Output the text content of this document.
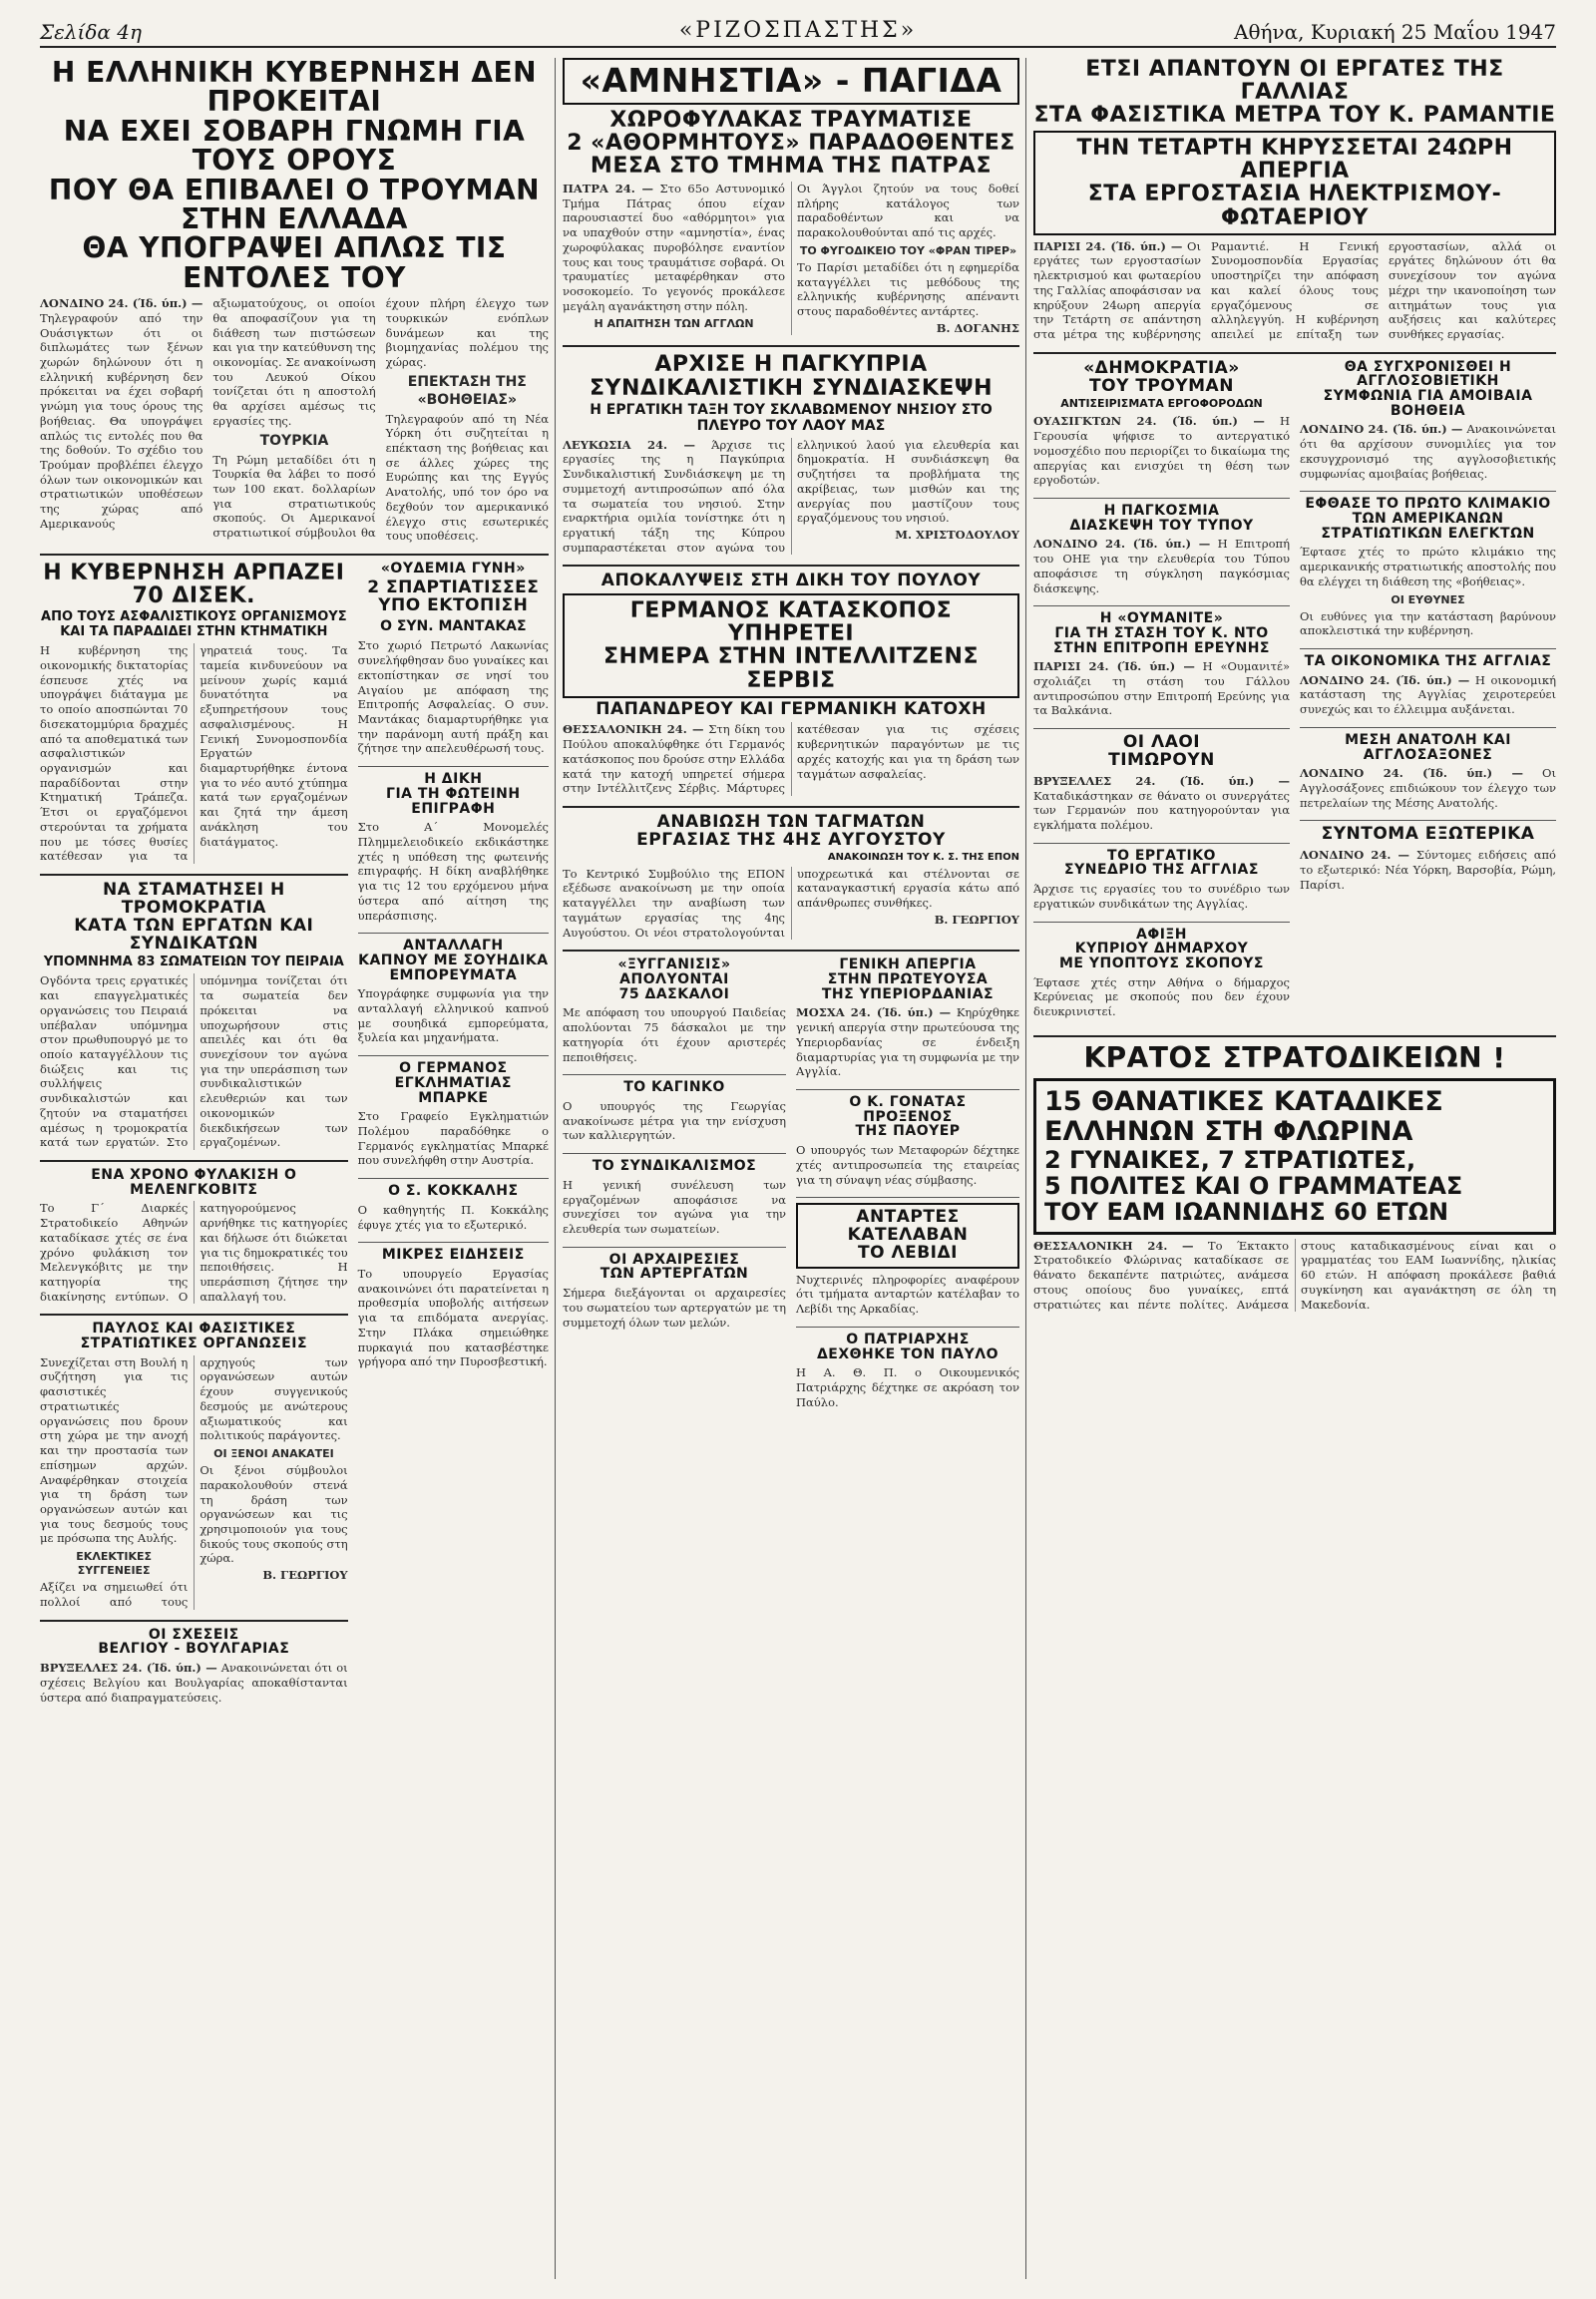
Σελίδα 4η	«ΡΙΖΟΣΠΑΣΤΗΣ»	Αθήνα, Κυριακή 25 Μαΐου 1947
Η ΕΛΛΗΝΙΚΗ ΚΥΒΕΡΝΗΣΗ ΔΕΝ ΠΡΟΚΕΙΤΑΙ
ΝΑ ΕΧΕΙ ΣΟΒΑΡΗ ΓΝΩΜΗ ΓΙΑ ΤΟΥΣ ΟΡΟΥΣ
ΠΟΥ ΘΑ ΕΠΙΒΑΛΕΙ Ο ΤΡΟΥΜΑΝ ΣΤΗΝ ΕΛΛΑΔΑ
ΘΑ ΥΠΟΓΡΑΨΕΙ ΑΠΛΩΣ ΤΙΣ ΕΝΤΟΛΕΣ ΤΟΥ
ΛΟΝΔΙΝΟ 24. (Ίδ. ύπ.) — Τηλεγραφούν από την Ουάσιγκτων ότι οι διπλωμάτες των ξένων χωρών δηλώνουν ότι η ελληνική κυβέρνηση δεν πρόκειται να έχει σοβαρή γνώμη για τους όρους της βοήθειας. Θα υπογράψει απλώς τις εντολές που θα της δοθούν. Το σχέδιο του Τρούμαν προβλέπει έλεγχο όλων των οικονομικών και στρατιωτικών υποθέσεων της χώρας από Αμερικανούς αξιωματούχους, οι οποίοι θα αποφασίζουν για τη διάθεση των πιστώσεων και για την κατεύθυνση της οικονομίας. Σε ανακοίνωση του Λευκού Οίκου τονίζεται ότι η αποστολή θα αρχίσει αμέσως τις εργασίες της.
ΤΟΥΡΚΙΑ
Τη Ρώμη μεταδίδει ότι η Τουρκία θα λάβει το ποσό των 100 εκατ. δολλαρίων για στρατιωτικούς σκοπούς. Οι Αμερικανοί στρατιωτικοί σύμβουλοι θα έχουν πλήρη έλεγχο των τουρκικών ενόπλων δυνάμεων και της βιομηχανίας πολέμου της χώρας.
ΕΠΕΚΤΑΣΗ ΤΗΣ «ΒΟΗΘΕΙΑΣ»
Τηλεγραφούν από τη Νέα Υόρκη ότι συζητείται η επέκταση της βοήθειας και σε άλλες χώρες της Ευρώπης και της Εγγύς Ανατολής, υπό τον όρο να δεχθούν τον αμερικανικό έλεγχο στις εσωτερικές τους υποθέσεις.
Η ΚΥΒΕΡΝΗΣΗ ΑΡΠΑΖΕΙ 70 ΔΙΣΕΚ.
ΑΠΟ ΤΟΥΣ ΑΣΦΑΛΙΣΤΙΚΟΥΣ ΟΡΓΑΝΙΣΜΟΥΣ ΚΑΙ ΤΑ ΠΑΡΑΔΙΔΕΙ ΣΤΗΝ ΚΤΗΜΑΤΙΚΗ
Η κυβέρνηση της οικονομικής δικτατορίας έσπευσε χτές να υπογράψει διάταγμα με το οποίο αποσπώνται 70 δισεκατομμύρια δραχμές από τα αποθεματικά των ασφαλιστικών οργανισμών και παραδίδονται στην Κτηματική Τράπεζα. Έτσι οι εργαζόμενοι στερούνται τα χρήματα που με τόσες θυσίες κατέθεσαν για τα γηρατειά τους. Τα ταμεία κινδυνεύουν να μείνουν χωρίς καμιά δυνατότητα να εξυπηρετήσουν τους ασφαλισμένους. Η Γενική Συνομοσπονδία Εργατών διαμαρτυρήθηκε έντονα για το νέο αυτό χτύπημα κατά των εργαζομένων και ζητά την άμεση ανάκληση του διατάγματος.
ΝΑ ΣΤΑΜΑΤΗΣΕΙ Η ΤΡΟΜΟΚΡΑΤΙΑ
ΚΑΤΑ ΤΩΝ ΕΡΓΑΤΩΝ ΚΑΙ ΣΥΝΔΙΚΑΤΩΝ
ΥΠΟΜΝΗΜΑ 83 ΣΩΜΑΤΕΙΩΝ ΤΟΥ ΠΕΙΡΑΙΑ
Ογδόντα τρεις εργατικές και επαγγελματικές οργανώσεις του Πειραιά υπέβαλαν υπόμνημα στον πρωθυπουργό με το οποίο καταγγέλλουν τις διώξεις και τις συλλήψεις συνδικαλιστών και ζητούν να σταματήσει αμέσως η τρομοκρατία κατά των εργατών. Στο υπόμνημα τονίζεται ότι τα σωματεία δεν πρόκειται να υποχωρήσουν στις απειλές και ότι θα συνεχίσουν τον αγώνα για την υπεράσπιση των συνδικαλιστικών ελευθεριών και των οικονομικών διεκδικήσεων των εργαζομένων.
ΕΝΑ ΧΡΟΝΟ ΦΥΛΑΚΙΣΗ Ο ΜΕΛΕΝΓΚΟΒΙΤΣ
Το Γ΄ Διαρκές Στρατοδικείο Αθηνών καταδίκασε χτές σε ένα χρόνο φυλάκιση τον Μελενγκόβιτς με την κατηγορία της διακίνησης εντύπων. Ο κατηγορούμενος αρνήθηκε τις κατηγορίες και δήλωσε ότι διώκεται για τις δημοκρατικές του πεποιθήσεις. Η υπεράσπιση ζήτησε την απαλλαγή του.
ΠΑΥΛΟΣ ΚΑΙ ΦΑΣΙΣΤΙΚΕΣ ΣΤΡΑΤΙΩΤΙΚΕΣ ΟΡΓΑΝΩΣΕΙΣ
Συνεχίζεται στη Βουλή η συζήτηση για τις φασιστικές στρατιωτικές οργανώσεις που δρουν στη χώρα με την ανοχή και την προστασία των επίσημων αρχών. Αναφέρθηκαν στοιχεία για τη δράση των οργανώσεων αυτών και για τους δεσμούς τους με πρόσωπα της Αυλής.
ΕΚΛΕΚΤΙΚΕΣ ΣΥΓΓΕΝΕΙΕΣ
Αξίζει να σημειωθεί ότι πολλοί από τους αρχηγούς των οργανώσεων αυτών έχουν συγγενικούς δεσμούς με ανώτερους αξιωματικούς και πολιτικούς παράγοντες.
ΟΙ ΞΕΝΟΙ ΑΝΑΚΑΤΕΙ
Οι ξένοι σύμβουλοι παρακολουθούν στενά τη δράση των οργανώσεων και τις χρησιμοποιούν για τους δικούς τους σκοπούς στη χώρα.
Β. ΓΕΩΡΓΙΟΥ
ΟΙ ΣΧΕΣΕΙΣ
ΒΕΛΓΙΟΥ - ΒΟΥΛΓΑΡΙΑΣ
ΒΡΥΞΕΛΛΕΣ 24. (Ίδ. ύπ.) — Ανακοινώνεται ότι οι σχέσεις Βελγίου και Βουλγαρίας αποκαθίστανται ύστερα από διαπραγματεύσεις.
«ΟΥΔΕΜΙΑ ΓΥΝΗ»
2 ΣΠΑΡΤΙΑΤΙΣΣΕΣ
ΥΠΟ ΕΚΤΟΠΙΣΗ
Ο ΣΥΝ. ΜΑΝΤΑΚΑΣ
Στο χωριό Πετρωτό Λακωνίας συνελήφθησαν δυο γυναίκες και εκτοπίστηκαν σε νησί του Αιγαίου με απόφαση της Επιτροπής Ασφαλείας. Ο συν. Μαντάκας διαμαρτυρήθηκε για την παράνομη αυτή πράξη και ζήτησε την απελευθέρωσή τους.
Η ΔΙΚΗ
ΓΙΑ ΤΗ ΦΩΤΕΙΝΗ
ΕΠΙΓΡΑΦΗ
Στο Α΄ Μονομελές Πλημμελειοδικείο εκδικάστηκε χτές η υπόθεση της φωτεινής επιγραφής. Η δίκη αναβλήθηκε για τις 12 του ερχόμενου μήνα ύστερα από αίτηση της υπεράσπισης.
ΑΝΤΑΛΛΑΓΗ
ΚΑΠΝΟΥ ΜΕ ΣΟΥΗΔΙΚΑ
ΕΜΠΟΡΕΥΜΑΤΑ
Υπογράφηκε συμφωνία για την ανταλλαγή ελληνικού καπνού με σουηδικά εμπορεύματα, ξυλεία και μηχανήματα.
Ο ΓΕΡΜΑΝΟΣ
ΕΓΚΛΗΜΑΤΙΑΣ ΜΠΑΡΚΕ
Στο Γραφείο Εγκληματιών Πολέμου παραδόθηκε ο Γερμανός εγκληματίας Μπαρκέ που συνελήφθη στην Αυστρία.
Ο Σ. ΚΟΚΚΑΛΗΣ
Ο καθηγητής Π. Κοκκάλης έφυγε χτές για το εξωτερικό.
ΜΙΚΡΕΣ ΕΙΔΗΣΕΙΣ
Το υπουργείο Εργασίας ανακοινώνει ότι παρατείνεται η προθεσμία υποβολής αιτήσεων για τα επιδόματα ανεργίας. Στην Πλάκα σημειώθηκε πυρκαγιά που κατασβέστηκε γρήγορα από την Πυροσβεστική.
«ΑΜΝΗΣΤΙΑ» - ΠΑΓΙΔΑ
ΧΩΡΟΦΥΛΑΚΑΣ ΤΡΑΥΜΑΤΙΣΕ
2 «ΑΘΟΡΜΗΤΟΥΣ» ΠΑΡΑΔΟΘΕΝΤΕΣ
ΜΕΣΑ ΣΤΟ ΤΜΗΜΑ ΤΗΣ ΠΑΤΡΑΣ
ΠΑΤΡΑ 24. — Στο 65ο Αστυνομικό Τμήμα Πάτρας όπου είχαν παρουσιαστεί δυο «αθόρμητοι» για να υπαχθούν στην «αμνηστία», ένας χωροφύλακας πυροβόλησε εναντίον τους και τους τραυμάτισε σοβαρά. Οι τραυματίες μεταφέρθηκαν στο νοσοκομείο. Το γεγονός προκάλεσε μεγάλη αγανάκτηση στην πόλη.
Η ΑΠΑΙΤΗΣΗ ΤΩΝ ΑΓΓΛΩΝ
Οι Άγγλοι ζητούν να τους δοθεί πλήρης κατάλογος των παραδοθέντων και να παρακολουθούνται από τις αρχές.
ΤΟ ΦΥΓΟΔΙΚΕΙΟ ΤΟΥ «ΦΡΑΝ ΤΙΡΕΡ»
Το Παρίσι μεταδίδει ότι η εφημερίδα καταγγέλλει τις μεθόδους της ελληνικής κυβέρνησης απέναντι στους παραδοθέντες αντάρτες.
Β. ΔΟΓΑΝΗΣ
ΑΡΧΙΣΕ Η ΠΑΓΚΥΠΡΙΑ
ΣΥΝΔΙΚΑΛΙΣΤΙΚΗ ΣΥΝΔΙΑΣΚΕΨΗ
Η ΕΡΓΑΤΙΚΗ ΤΑΞΗ ΤΟΥ ΣΚΛΑΒΩΜΕΝΟΥ ΝΗΣΙΟΥ ΣΤΟ ΠΛΕΥΡΟ ΤΟΥ ΛΑΟΥ ΜΑΣ
ΛΕΥΚΩΣΙΑ 24. — Άρχισε τις εργασίες της η Παγκύπρια Συνδικαλιστική Συνδιάσκεψη με τη συμμετοχή αντιπροσώπων από όλα τα σωματεία του νησιού. Στην εναρκτήρια ομιλία τονίστηκε ότι η εργατική τάξη της Κύπρου συμπαραστέκεται στον αγώνα του ελληνικού λαού για ελευθερία και δημοκρατία. Η συνδιάσκεψη θα συζητήσει τα προβλήματα της ακρίβειας, των μισθών και της ανεργίας που μαστίζουν τους εργαζόμενους του νησιού.
Μ. ΧΡΙΣΤΟΔΟΥΛΟΥ
ΑΠΟΚΑΛΥΨΕΙΣ ΣΤΗ ΔΙΚΗ ΤΟΥ ΠΟΥΛΟΥ
ΓΕΡΜΑΝΟΣ ΚΑΤΑΣΚΟΠΟΣ ΥΠΗΡΕΤΕΙ
ΣΗΜΕΡΑ ΣΤΗΝ ΙΝΤΕΛΛΙΤΖΕΝΣ ΣΕΡΒΙΣ
ΠΑΠΑΝΔΡΕΟΥ ΚΑΙ ΓΕΡΜΑΝΙΚΗ ΚΑΤΟΧΗ
ΘΕΣΣΑΛΟΝΙΚΗ 24. — Στη δίκη του Πούλου αποκαλύφθηκε ότι Γερμανός κατάσκοπος που δρούσε στην Ελλάδα κατά την κατοχή υπηρετεί σήμερα στην Ιντέλλιτζενς Σέρβις. Μάρτυρες κατέθεσαν για τις σχέσεις κυβερνητικών παραγόντων με τις αρχές κατοχής και για τη δράση των ταγμάτων ασφαλείας.
ΑΝΑΒΙΩΣΗ ΤΩΝ ΤΑΓΜΑΤΩΝ
ΕΡΓΑΣΙΑΣ ΤΗΣ 4ΗΣ ΑΥΓΟΥΣΤΟΥ
ΑΝΑΚΟΙΝΩΣΗ ΤΟΥ Κ. Σ. ΤΗΣ ΕΠΟΝ
Το Κεντρικό Συμβούλιο της ΕΠΟΝ εξέδωσε ανακοίνωση με την οποία καταγγέλλει την αναβίωση των ταγμάτων εργασίας της 4ης Αυγούστου. Οι νέοι στρατολογούνται υποχρεωτικά και στέλνονται σε καταναγκαστική εργασία κάτω από απάνθρωπες συνθήκες.
Β. ΓΕΩΡΓΙΟΥ
«ΞΥΓΓΑΝΙΣΙΣ»
ΑΠΟΛΥΟΝΤΑΙ
75 ΔΑΣΚΑΛΟΙ
Με απόφαση του υπουργού Παιδείας απολύονται 75 δάσκαλοι με την κατηγορία ότι έχουν αριστερές πεποιθήσεις.
ΤΟ ΚΑΓΙΝΚΟ
Ο υπουργός της Γεωργίας ανακοίνωσε μέτρα για την ενίσχυση των καλλιεργητών.
ΤΟ ΣΥΝΔΙΚΑΛΙΣΜΟΣ
Η γενική συνέλευση των εργαζομένων αποφάσισε να συνεχίσει τον αγώνα για την ελευθερία των σωματείων.
ΟΙ ΑΡΧΑΙΡΕΣΙΕΣ
ΤΩΝ ΑΡΤΕΡΓΑΤΩΝ
Σήμερα διεξάγονται οι αρχαιρεσίες του σωματείου των αρτεργατών με τη συμμετοχή όλων των μελών.
ΓΕΝΙΚΗ ΑΠΕΡΓΙΑ
ΣΤΗΝ ΠΡΩΤΕΥΟΥΣΑ
ΤΗΣ ΥΠΕΡΙΟΡΔΑΝΙΑΣ
ΜΟΣΧΑ 24. (Ίδ. ύπ.) — Κηρύχθηκε γενική απεργία στην πρωτεύουσα της Υπεριορδανίας σε ένδειξη διαμαρτυρίας για τη συμφωνία με την Αγγλία.
Ο Κ. ΓΟΝΑΤΑΣ
ΠΡΟΞΕΝΟΣ
ΤΗΣ ΠΑΟΥΕΡ
Ο υπουργός των Μεταφορών δέχτηκε χτές αντιπροσωπεία της εταιρείας για τη σύναψη νέας σύμβασης.
ΑΝΤΑΡΤΕΣ
ΚΑΤΕΛΑΒΑΝ
ΤΟ ΛΕΒΙΔΙ
Νυχτερινές πληροφορίες αναφέρουν ότι τμήματα ανταρτών κατέλαβαν το Λεβίδι της Αρκαδίας.
Ο ΠΑΤΡΙΑΡΧΗΣ
ΔΕΧΘΗΚΕ ΤΟΝ ΠΑΥΛΟ
Η Α. Θ. Π. ο Οικουμενικός Πατριάρχης δέχτηκε σε ακρόαση τον Παύλο.
ΕΤΣΙ ΑΠΑΝΤΟΥΝ ΟΙ ΕΡΓΑΤΕΣ ΤΗΣ ΓΑΛΛΙΑΣ
ΣΤΑ ΦΑΣΙΣΤΙΚΑ ΜΕΤΡΑ ΤΟΥ Κ. ΡΑΜΑΝΤΙΕ
ΤΗΝ ΤΕΤΑΡΤΗ ΚΗΡΥΣΣΕΤΑΙ 24ΩΡΗ ΑΠΕΡΓΙΑ
ΣΤΑ ΕΡΓΟΣΤΑΣΙΑ ΗΛΕΚΤΡΙΣΜΟΥ-ΦΩΤΑΕΡΙΟΥ
ΠΑΡΙΣΙ 24. (Ίδ. ύπ.) — Οι εργάτες των εργοστασίων ηλεκτρισμού και φωταερίου της Γαλλίας αποφάσισαν να κηρύξουν 24ωρη απεργία την Τετάρτη σε απάντηση στα μέτρα της κυβέρνησης Ραμαντιέ. Η Γενική Συνομοσπονδία Εργασίας υποστηρίζει την απόφαση και καλεί όλους τους εργαζόμενους σε αλληλεγγύη. Η κυβέρνηση απειλεί με επίταξη των εργοστασίων, αλλά οι εργάτες δηλώνουν ότι θα συνεχίσουν τον αγώνα μέχρι την ικανοποίηση των αιτημάτων τους για αυξήσεις και καλύτερες συνθήκες εργασίας.
«ΔΗΜΟΚΡΑΤΙΑ»
ΤΟΥ ΤΡΟΥΜΑΝ
ΑΝΤΙΣΕΙΡΙΣΜΑΤΑ ΕΡΓΟΦΟΡΟΔΩΝ
ΟΥΑΣΙΓΚΤΩΝ 24. (Ίδ. ύπ.) — Η Γερουσία ψήφισε το αντεργατικό νομοσχέδιο που περιορίζει το δικαίωμα της απεργίας και ενισχύει τη θέση των εργοδοτών.
Η ΠΑΓΚΟΣΜΙΑ
ΔΙΑΣΚΕΨΗ ΤΟΥ ΤΥΠΟΥ
ΛΟΝΔΙΝΟ 24. (Ίδ. ύπ.) — Η Επιτροπή του ΟΗΕ για την ελευθερία του Τύπου αποφάσισε τη σύγκληση παγκόσμιας διάσκεψης.
Η «ΟΥΜΑΝΙΤΕ»
ΓΙΑ ΤΗ ΣΤΑΣΗ ΤΟΥ Κ. ΝΤΟ
ΣΤΗΝ ΕΠΙΤΡΟΠΗ ΕΡΕΥΝΗΣ
ΠΑΡΙΣΙ 24. (Ίδ. ύπ.) — Η «Ουμανιτέ» σχολιάζει τη στάση του Γάλλου αντιπροσώπου στην Επιτροπή Ερεύνης για τα Βαλκάνια.
ΟΙ ΛΑΟΙ
ΤΙΜΩΡΟΥΝ
ΒΡΥΞΕΛΛΕΣ 24. (Ίδ. ύπ.) — Καταδικάστηκαν σε θάνατο οι συνεργάτες των Γερμανών που κατηγορούνταν για εγκλήματα πολέμου.
ΤΟ ΕΡΓΑΤΙΚΟ
ΣΥΝΕΔΡΙΟ ΤΗΣ ΑΓΓΛΙΑΣ
Άρχισε τις εργασίες του το συνέδριο των εργατικών συνδικάτων της Αγγλίας.
ΑΦΙΞΗ
ΚΥΠΡΙΟΥ ΔΗΜΑΡΧΟΥ
ΜΕ ΥΠΟΠΤΟΥΣ ΣΚΟΠΟΥΣ
Έφτασε χτές στην Αθήνα ο δήμαρχος Κερύνειας με σκοπούς που δεν έχουν διευκρινιστεί.
ΘΑ ΣΥΓΧΡΟΝΙΣΘΕΙ Η ΑΓΓΛΟΣΟΒΙΕΤΙΚΗ
ΣΥΜΦΩΝΙΑ ΓΙΑ ΑΜΟΙΒΑΙΑ ΒΟΗΘΕΙΑ
ΛΟΝΔΙΝΟ 24. (Ίδ. ύπ.) — Ανακοινώνεται ότι θα αρχίσουν συνομιλίες για τον εκσυγχρονισμό της αγγλοσοβιετικής συμφωνίας αμοιβαίας βοήθειας.
ΕΦΘΑΣΕ ΤΟ ΠΡΩΤΟ ΚΛΙΜΑΚΙΟ
ΤΩΝ ΑΜΕΡΙΚΑΝΩΝ ΣΤΡΑΤΙΩΤΙΚΩΝ ΕΛΕΓΚΤΩΝ
Έφτασε χτές το πρώτο κλιμάκιο της αμερικανικής στρατιωτικής αποστολής που θα ελέγχει τη διάθεση της «βοήθειας».
ΟΙ ΕΥΘΥΝΕΣ
Οι ευθύνες για την κατάσταση βαρύνουν αποκλειστικά την κυβέρνηση.
ΤΑ ΟΙΚΟΝΟΜΙΚΑ ΤΗΣ ΑΓΓΛΙΑΣ
ΛΟΝΔΙΝΟ 24. (Ίδ. ύπ.) — Η οικονομική κατάσταση της Αγγλίας χειροτερεύει συνεχώς και το έλλειμμα αυξάνεται.
ΜΕΣΗ ΑΝΑΤΟΛΗ ΚΑΙ ΑΓΓΛΟΣΑΞΟΝΕΣ
ΛΟΝΔΙΝΟ 24. (Ίδ. ύπ.) — Οι Αγγλοσάξονες επιδιώκουν τον έλεγχο των πετρελαίων της Μέσης Ανατολής.
ΣΥΝΤΟΜΑ ΕΞΩΤΕΡΙΚΑ
ΛΟΝΔΙΝΟ 24. — Σύντομες ειδήσεις από το εξωτερικό: Νέα Υόρκη, Βαρσοβία, Ρώμη, Παρίσι.
ΚΡΑΤΟΣ ΣΤΡΑΤΟΔΙΚΕΙΩΝ !
15 ΘΑΝΑΤΙΚΕΣ ΚΑΤΑΔΙΚΕΣ
ΕΛΛΗΝΩΝ ΣΤΗ ΦΛΩΡΙΝΑ
2 ΓΥΝΑΙΚΕΣ, 7 ΣΤΡΑΤΙΩΤΕΣ,
5 ΠΟΛΙΤΕΣ ΚΑΙ Ο ΓΡΑΜΜΑΤΕΑΣ
ΤΟΥ ΕΑΜ ΙΩΑΝΝΙΔΗΣ 60 ΕΤΩΝ
ΘΕΣΣΑΛΟΝΙΚΗ 24. — Το Έκτακτο Στρατοδικείο Φλώρινας καταδίκασε σε θάνατο δεκαπέντε πατριώτες, ανάμεσα στους οποίους δυο γυναίκες, επτά στρατιώτες και πέντε πολίτες. Ανάμεσα στους καταδικασμένους είναι και ο γραμματέας του ΕΑΜ Ιωαννίδης, ηλικίας 60 ετών. Η απόφαση προκάλεσε βαθιά συγκίνηση και αγανάκτηση σε όλη τη Μακεδονία.
